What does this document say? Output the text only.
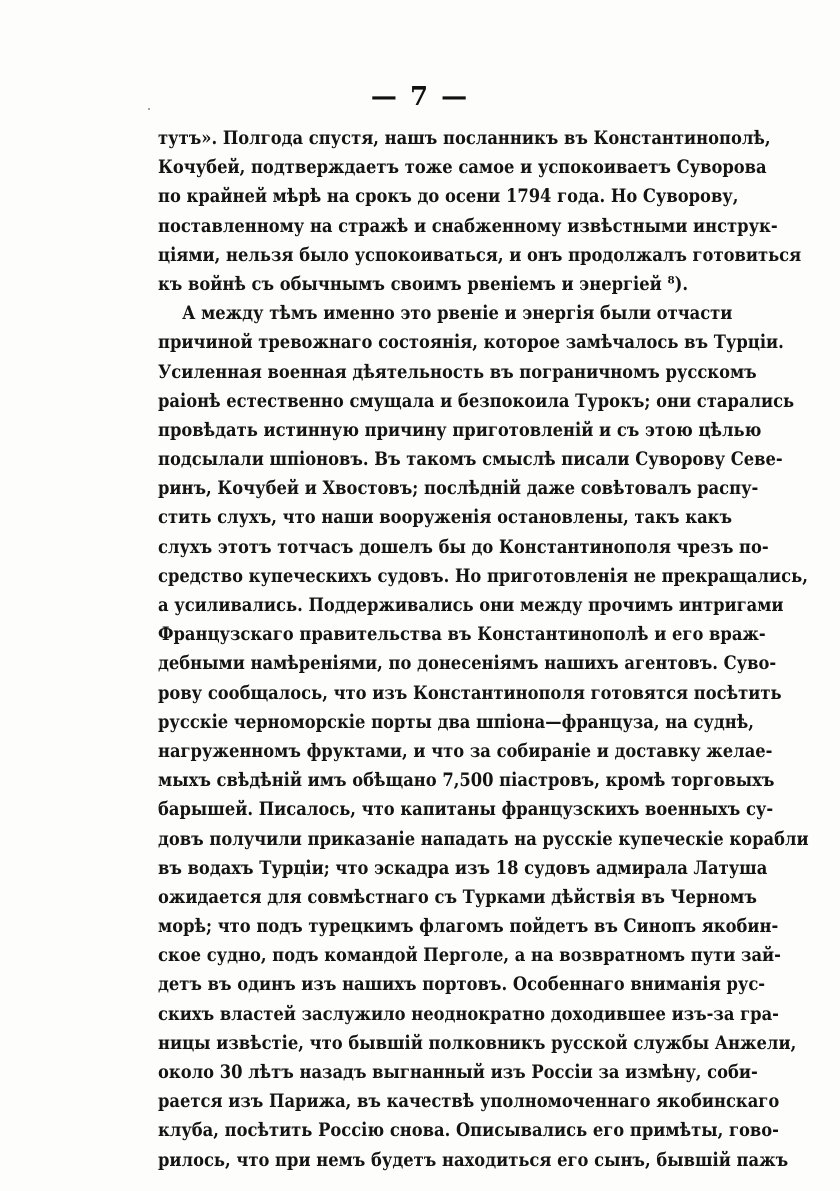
— 7 —
тутъ». Полгода спустя, нашъ посланникъ въ Константинополѣ,
Кочубей, подтверждаетъ тоже самое и успокоиваетъ Суворова
по крайней мѣрѣ на срокъ до осени 1794 года. Но Суворову,
поставленному на стражѣ и снабженному извѣстными инструк-
ціями, нельзя было успокоиваться, и онъ продолжалъ готовиться
къ войнѣ съ обычнымъ своимъ рвеніемъ и энергіей ⁸).
А между тѣмъ именно это рвеніе и энергія были отчасти
причиной тревожнаго состоянія, которое замѣчалось въ Турціи.
Усиленная военная дѣятельность въ пограничномъ русскомъ
раіонѣ естественно смущала и безпокоила Турокъ; они старались
провѣдать истинную причину приготовленій и съ этою цѣлью
подсылали шпіоновъ. Въ такомъ смыслѣ писали Суворову Севе-
ринъ, Кочубей и Хвостовъ; послѣдній даже совѣтовалъ распу-
стить слухъ, что наши вооруженія остановлены, такъ какъ
слухъ этотъ тотчасъ дошелъ бы до Константинополя чрезъ по-
средство купеческихъ судовъ. Но приготовленія не прекращались,
а усиливались. Поддерживались они между прочимъ интригами
Французскаго правительства въ Константинополѣ и его враж-
дебными намѣреніями, по донесеніямъ нашихъ агентовъ. Суво-
рову сообщалось, что изъ Константинополя готовятся посѣтить
русскіе черноморскіе порты два шпіона—француза, на суднѣ,
нагруженномъ фруктами, и что за собираніе и доставку желае-
мыхъ свѣдѣній имъ обѣщано 7,500 піастровъ, кромѣ торговыхъ
барышей. Писалось, что капитаны французскихъ военныхъ су-
довъ получили приказаніе нападать на русскіе купеческіе корабли
въ водахъ Турціи; что эскадра изъ 18 судовъ адмирала Латуша
ожидается для совмѣстнаго съ Турками дѣйствія въ Черномъ
морѣ; что подъ турецкимъ флагомъ пойдетъ въ Синопъ якобин-
ское судно, подъ командой Перголе, а на возвратномъ пути зай-
детъ въ одинъ изъ нашихъ портовъ. Особеннаго вниманія рус-
скихъ властей заслужило неоднократно доходившее изъ-за гра-
ницы извѣстіе, что бывшій полковникъ русской службы Анжели,
около 30 лѣтъ назадъ выгнанный изъ Россіи за измѣну, соби-
рается изъ Парижа, въ качествѣ уполномоченнаго якобинскаго
клуба, посѣтить Россію снова. Описывались его примѣты, гово-
рилось, что при немъ будетъ находиться его сынъ, бывшій пажъ
